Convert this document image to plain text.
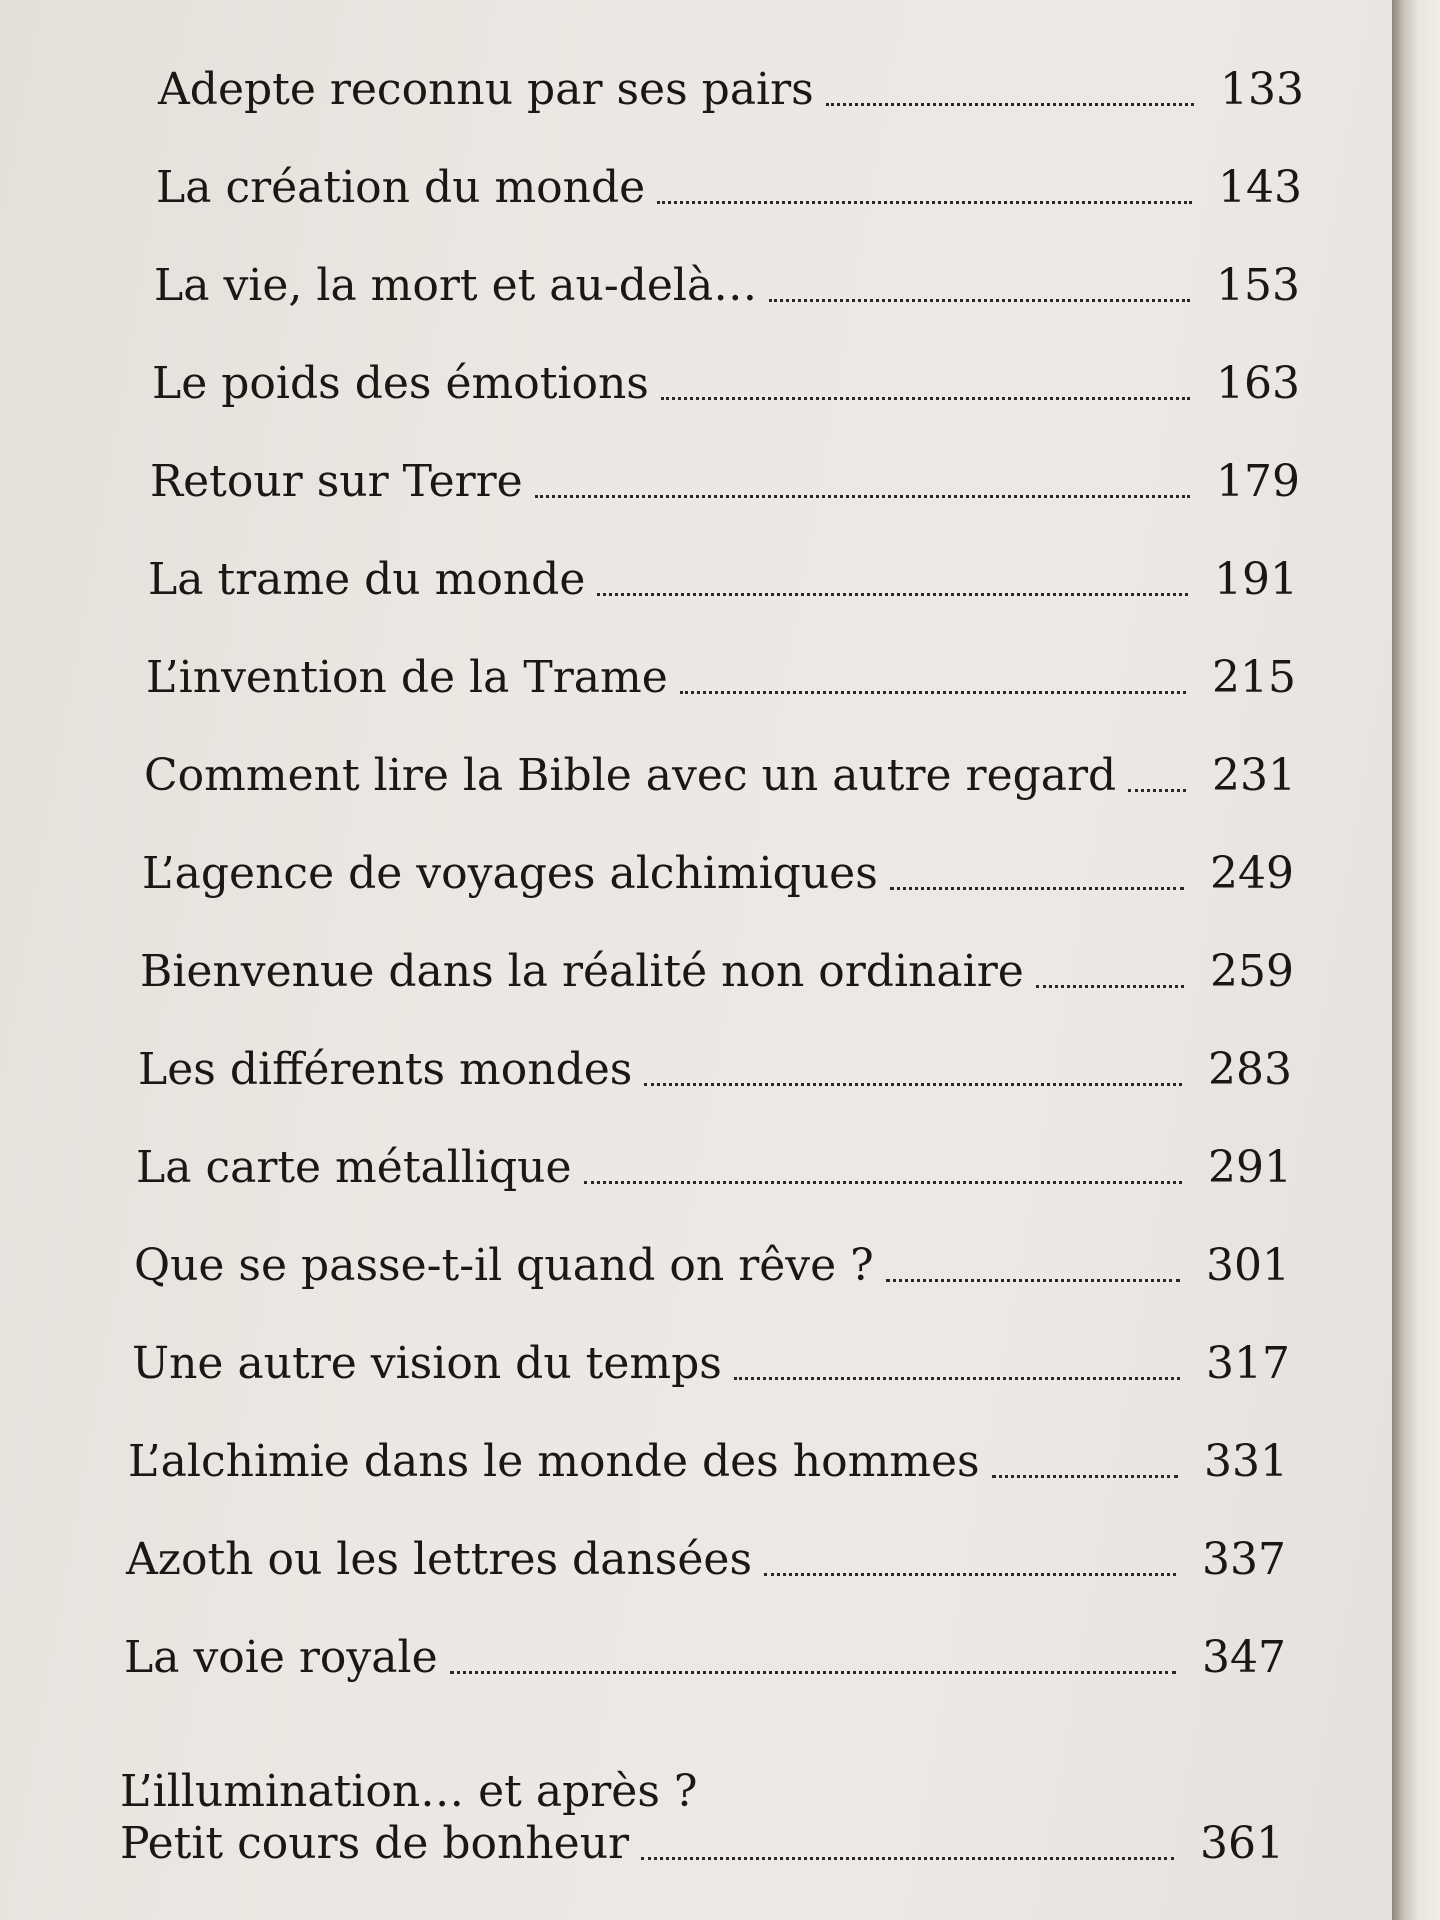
Adepte reconnu par ses pairs	133
La création du monde	143
La vie, la mort et au-delà…	153
Le poids des émotions	163
Retour sur Terre	179
La trame du monde	191
L’invention de la Trame	215
Comment lire la Bible avec un autre regard 231
L’agence de voyages alchimiques	249
Bienvenue dans la réalité non ordinaire	259
Les différents mondes	283
La carte métallique	291
Que se passe-t-il quand on rêve ?	301
Une autre vision du temps	317
L’alchimie dans le monde des hommes	331
Azoth ou les lettres dansées	337
La voie royale	347
L’illumination… et après ?
Petit cours de bonheur	361
